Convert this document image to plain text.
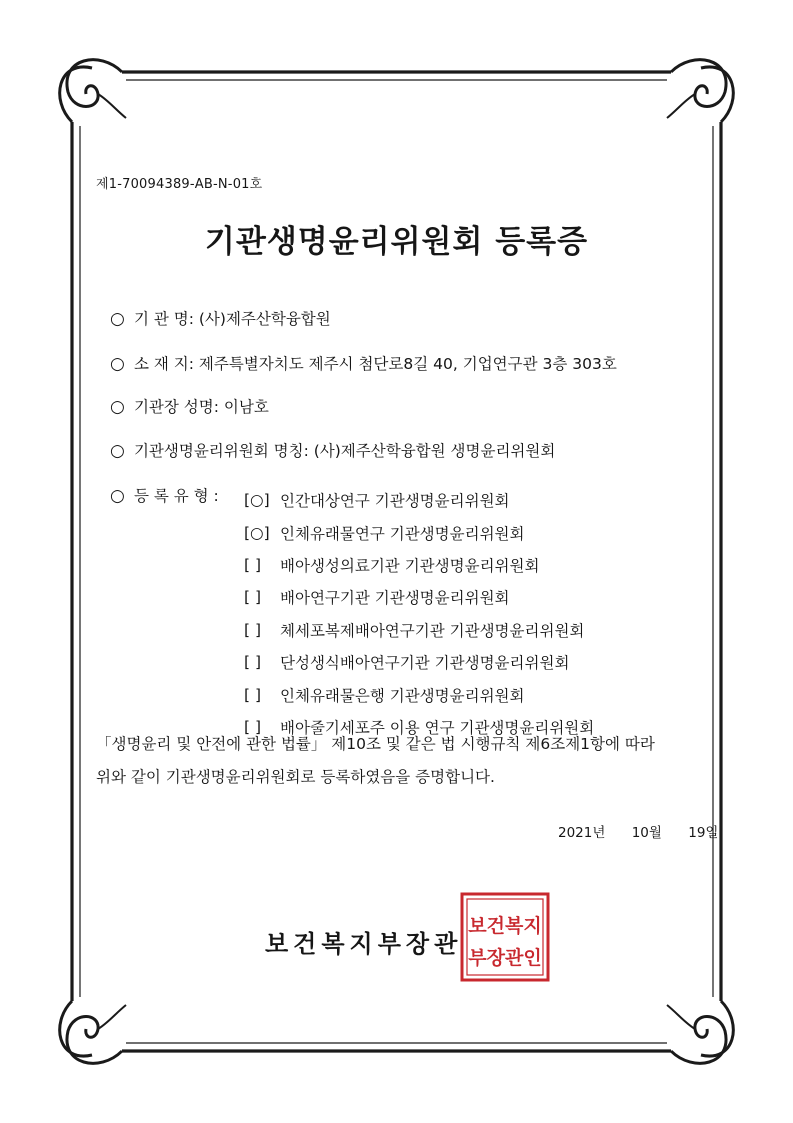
제1-70094389-AB-N-01호
기관생명윤리위원회 등록증
○ 기 관 명: (사)제주산학융합원
○ 소 재 지: 제주특별자치도 제주시 첨단로8길 40, 기업연구관 3층 303호
○ 기관장 성명: 이남호
○ 기관생명윤리위원회 명칭: (사)제주산학융합원 생명윤리위원회
○ 등 록 유 형 : [○] 인간대상연구 기관생명윤리위원회
[○] 인체유래물연구 기관생명윤리위원회
[ ]	배아생성의료기관 기관생명윤리위원회
[ ]	배아연구기관 기관생명윤리위원회
[ ]	체세포복제배아연구기관 기관생명윤리위원회
[ ]	단성생식배아연구기관 기관생명윤리위원회
[ ]	인체유래물은행 기관생명윤리위원회
[ ]	배아줄기세포주 이용 연구 기관생명윤리위원회
「생명윤리 및 안전에 관한 법률」 제10조 및 같은 법 시행규칙 제6조제1항에 따라
위와 같이 기관생명윤리위원회로 등록하였음을 증명합니다.
2021년 10월 19일
보건복지부장관
보건복지
부장관인
